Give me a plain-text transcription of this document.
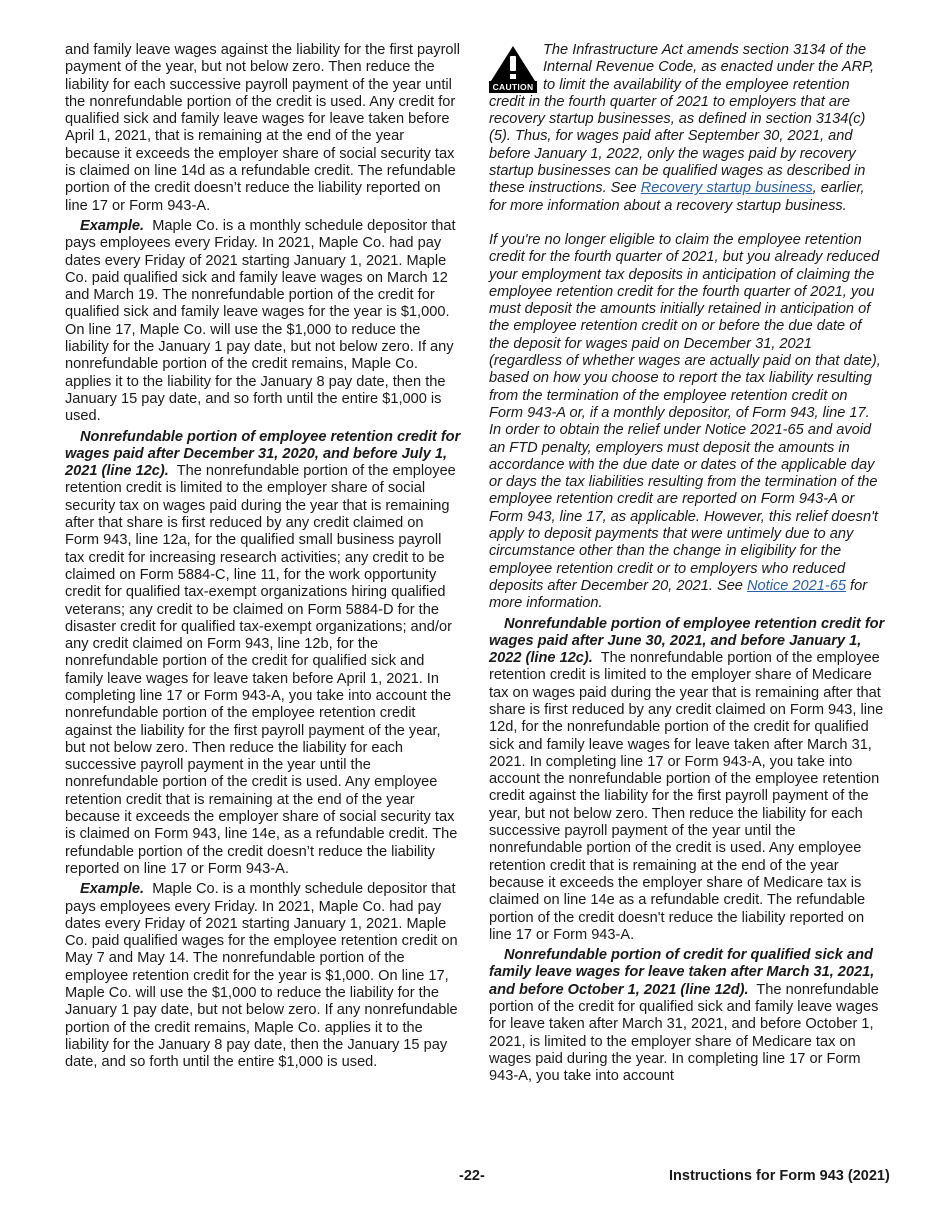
and family leave wages against the liability for the first payroll payment of the year, but not below zero. Then reduce the liability for each successive payroll payment of the year until the nonrefundable portion of the credit is used. Any credit for qualified sick and family leave wages for leave taken before April 1, 2021, that is remaining at the end of the year because it exceeds the employer share of social security tax is claimed on line 14d as a refundable credit. The refundable portion of the credit doesn’t reduce the liability reported on line 17 or Form 943-A.

Example. Maple Co. is a monthly schedule depositor that pays employees every Friday. In 2021, Maple Co. had pay dates every Friday of 2021 starting January 1, 2021. Maple Co. paid qualified sick and family leave wages on March 12 and March 19. The nonrefundable portion of the credit for qualified sick and family leave wages for the year is $1,000. On line 17, Maple Co. will use the $1,000 to reduce the liability for the January 1 pay date, but not below zero. If any nonrefundable portion of the credit remains, Maple Co. applies it to the liability for the January 8 pay date, then the January 15 pay date, and so forth until the entire $1,000 is used.

Nonrefundable portion of employee retention credit for wages paid after December 31, 2020, and before July 1, 2021 (line 12c). The nonrefundable portion of the employee retention credit is limited to the employer share of social security tax on wages paid during the year that is remaining after that share is first reduced by any credit claimed on Form 943, line 12a, for the qualified small business payroll tax credit for increasing research activities; any credit to be claimed on Form 5884-C, line 11, for the work opportunity credit for qualified tax-exempt organizations hiring qualified veterans; any credit to be claimed on Form 5884-D for the disaster credit for qualified tax-exempt organizations; and/or any credit claimed on Form 943, line 12b, for the nonrefundable portion of the credit for qualified sick and family leave wages for leave taken before April 1, 2021. In completing line 17 or Form 943-A, you take into account the nonrefundable portion of the employee retention credit against the liability for the first payroll payment of the year, but not below zero. Then reduce the liability for each successive payroll payment in the year until the nonrefundable portion of the credit is used. Any employee retention credit that is remaining at the end of the year because it exceeds the employer share of social security tax is claimed on Form 943, line 14e, as a refundable credit. The refundable portion of the credit doesn’t reduce the liability reported on line 17 or Form 943-A.

Example. Maple Co. is a monthly schedule depositor that pays employees every Friday. In 2021, Maple Co. had pay dates every Friday of 2021 starting January 1, 2021. Maple Co. paid qualified wages for the employee retention credit on May 7 and May 14. The nonrefundable portion of the employee retention credit for the year is $1,000. On line 17, Maple Co. will use the $1,000 to reduce the liability for the January 1 pay date, but not below zero. If any nonrefundable portion of the credit remains, Maple Co. applies it to the liability for the January 8 pay date, then the January 15 pay date, and so forth until the entire $1,000 is used.

CAUTION

The Infrastructure Act amends section 3134 of the Internal Revenue Code, as enacted under the ARP, to limit the availability of the employee retention credit in the fourth quarter of 2021 to employers that are recovery startup businesses, as defined in section 3134(c)(5). Thus, for wages paid after September 30, 2021, and before January 1, 2022, only the wages paid by recovery startup businesses can be qualified wages as described in these instructions. See Recovery startup business, earlier, for more information about a recovery startup business.

If you're no longer eligible to claim the employee retention credit for the fourth quarter of 2021, but you already reduced your employment tax deposits in anticipation of claiming the employee retention credit for the fourth quarter of 2021, you must deposit the amounts initially retained in anticipation of the employee retention credit on or before the due date of the deposit for wages paid on December 31, 2021 (regardless of whether wages are actually paid on that date), based on how you choose to report the tax liability resulting from the termination of the employee retention credit on Form 943-A or, if a monthly depositor, of Form 943, line 17. In order to obtain the relief under Notice 2021-65 and avoid an FTD penalty, employers must deposit the amounts in accordance with the due date or dates of the applicable day or days the tax liabilities resulting from the termination of the employee retention credit are reported on Form 943-A or Form 943, line 17, as applicable. However, this relief doesn't apply to deposit payments that were untimely due to any circumstance other than the change in eligibility for the employee retention credit or to employers who reduced deposits after December 20, 2021. See Notice 2021-65 for more information.

Nonrefundable portion of employee retention credit for wages paid after June 30, 2021, and before January 1, 2022 (line 12c). The nonrefundable portion of the employee retention credit is limited to the employer share of Medicare tax on wages paid during the year that is remaining after that share is first reduced by any credit claimed on Form 943, line 12d, for the nonrefundable portion of the credit for qualified sick and family leave wages for leave taken after March 31, 2021. In completing line 17 or Form 943-A, you take into account the nonrefundable portion of the employee retention credit against the liability for the first payroll payment of the year, but not below zero. Then reduce the liability for each successive payroll payment of the year until the nonrefundable portion of the credit is used. Any employee retention credit that is remaining at the end of the year because it exceeds the employer share of Medicare tax is claimed on line 14e as a refundable credit. The refundable portion of the credit doesn't reduce the liability reported on line 17 or Form 943-A.

Nonrefundable portion of credit for qualified sick and family leave wages for leave taken after March 31, 2021, and before October 1, 2021 (line 12d). The nonrefundable portion of the credit for qualified sick and family leave wages for leave taken after March 31, 2021, and before October 1, 2021, is limited to the employer share of Medicare tax on wages paid during the year. In completing line 17 or Form 943-A, you take into account

-22-	Instructions for Form 943 (2021)
